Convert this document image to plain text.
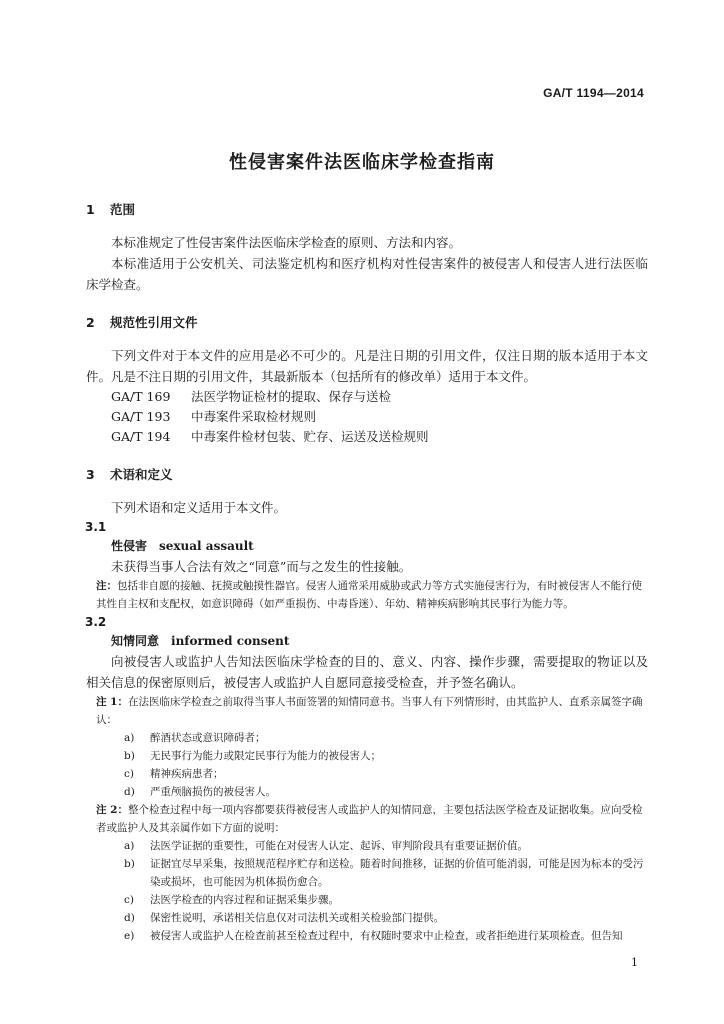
GA/T 1194—2014
性侵害案件法医临床学检查指南
1 范围

本标准规定了性侵害案件法医临床学检查的原则、方法和内容。

本标准适用于公安机关、司法鉴定机构和医疗机构对性侵害案件的被侵害人和侵害人进行法医临床学检查。

2 规范性引用文件

下列文件对于本文件的应用是必不可少的。凡是注日期的引用文件，仅注日期的版本适用于本文件。凡是不注日期的引用文件，其最新版本（包括所有的修改单）适用于本文件。

GA/T 169 法医学物证检材的提取、保存与送检
GA/T 193 中毒案件采取检材规则
GA/T 194 中毒案件检材包装、贮存、运送及送检规则
3 术语和定义

下列术语和定义适用于本文件。

3.1
性侵害 sexual assault

未获得当事人合法有效之“同意”而与之发生的性接触。

注：包括非自愿的接触、抚摸或触摸性器官。侵害人通常采用威胁或武力等方式实施侵害行为，有时被侵害人不能行使其性自主权和支配权，如意识障碍（如严重损伤、中毒昏迷）、年幼、精神疾病影响其民事行为能力等。
3.2
知情同意 informed consent

向被侵害人或监护人告知法医临床学检查的目的、意义、内容、操作步骤，需要提取的物证以及相关信息的保密原则后，被侵害人或监护人自愿同意接受检查，并予签名确认。

注 1：在法医临床学检查之前取得当事人书面签署的知情同意书。当事人有下列情形时，由其监护人、直系亲属签字确认：
a)	醉酒状态或意识障碍者；
b)	无民事行为能力或限定民事行为能力的被侵害人；
c)	精神疾病患者；
d)	严重颅脑损伤的被侵害人。
注 2：整个检查过程中每一项内容都要获得被侵害人或监护人的知情同意，主要包括法医学检查及证据收集。应向受检者或监护人及其亲属作如下方面的说明：
a)	法医学证据的重要性，可能在对侵害人认定、起诉、审判阶段具有重要证据价值。
b)	证据宜尽早采集，按照规范程序贮存和送检。随着时间推移，证据的价值可能消弱，可能是因为标本的受污染或损坏，也可能因为机体损伤愈合。
c)	法医学检查的内容过程和证据采集步骤。
d)	保密性说明，承诺相关信息仅对司法机关或相关检验部门提供。
e)	被侵害人或监护人在检查前甚至检查过程中，有权随时要求中止检查，或者拒绝进行某项检查。但告知
1
